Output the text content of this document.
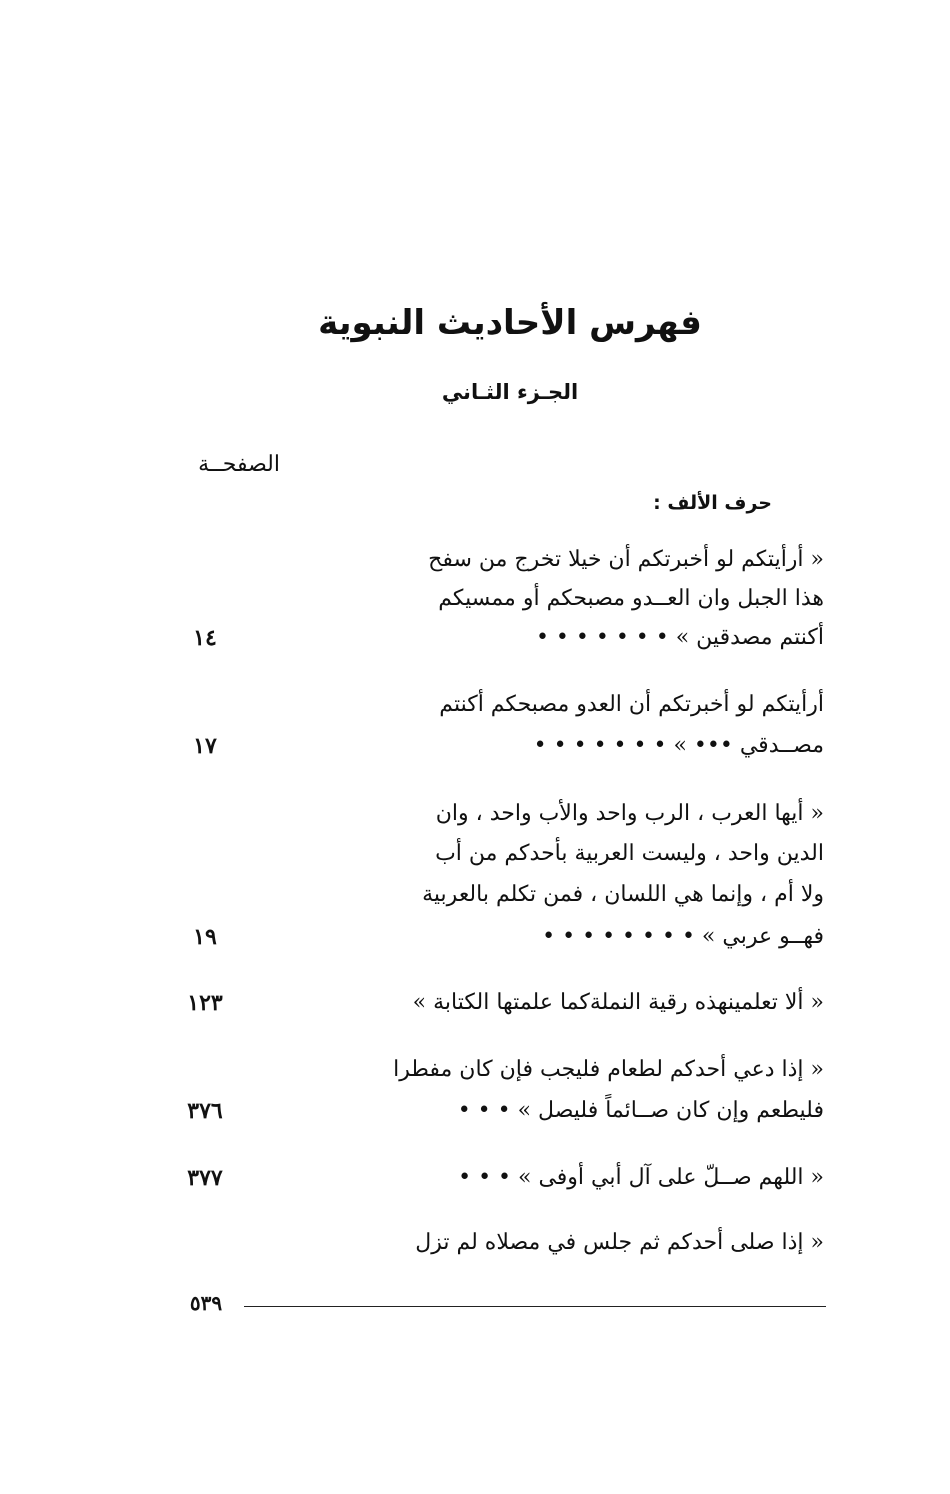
فهرس الأحاديث النبوية
الجـزء الثـاني
الصفحــة
حرف الألف :
« أرأيتكم لو أخبرتكم أن خيلا تخرج من سفح
هذا الجبل وان العــدو مصبحكم أو ممسيكم
أكنتم مصدقين » • • • • • • •
١٤
أرأيتكم لو أخبرتكم أن العدو مصبحكم أكنتم
مصــدقي ••• » • • • • • • •
١٧
« أيها العرب ، الرب واحد والأب واحد ، وان
الدين واحد ، وليست العربية بأحدكم من أب
ولا أم ، وإنما هي اللسان ، فمن تكلم بالعربية
فهــو عربي » • • • • • • • •
١٩
« ألا تعلمينهذه رقية النملةكما علمتها الكتابة »
١٢٣
« إذا دعي أحدكم لطعام فليجب فإن كان مفطرا
فليطعم وإن كان صــائماً فليصل » • • •
٣٧٦
« اللهم صــلّ على آل أبي أوفى » • • •
٣٧٧
« إذا صلى أحدكم ثم جلس في مصلاه لم تزل
٥٣٩
